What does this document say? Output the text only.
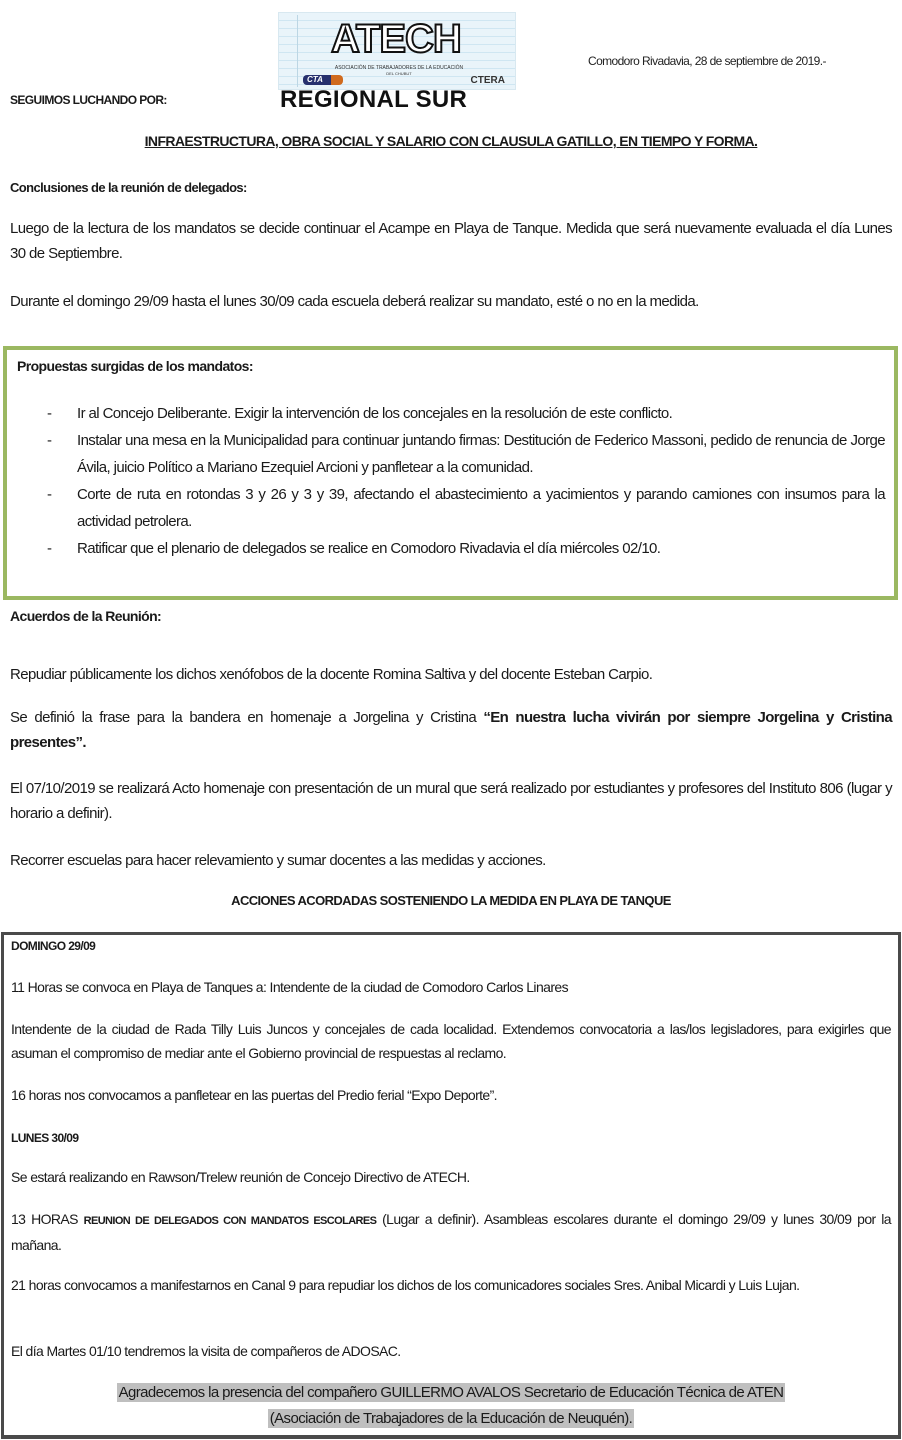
ATECH
ASOCIACIÓN DE TRABAJADORES DE LA EDUCACIÓN
DEL CHUBUT
CTA	CTERA
REGIONAL SUR
Comodoro Rivadavia, 28 de septiembre de 2019.-
SEGUIMOS LUCHANDO POR:
INFRAESTRUCTURA, OBRA SOCIAL Y SALARIO CON CLAUSULA GATILLO, EN TIEMPO Y FORMA.
Conclusiones de la reunión de delegados:
Luego de la lectura de los mandatos se decide continuar el Acampe en Playa de Tanque. Medida que será nuevamente evaluada el día Lunes 30 de Septiembre.
Durante el domingo 29/09 hasta el lunes 30/09 cada escuela deberá realizar su mandato, esté o no en la medida.
Propuestas surgidas de los mandatos:
- Ir al Concejo Deliberante. Exigir la intervención de los concejales en la resolución de este conflicto.
- Instalar una mesa en la Municipalidad para continuar juntando firmas: Destitución de Federico Massoni, pedido de renuncia de Jorge Ávila, juicio Político a Mariano Ezequiel Arcioni y panfletear a la comunidad.
- Corte de ruta en rotondas 3 y 26 y 3 y 39, afectando el abastecimiento a yacimientos y parando camiones con insumos para la actividad petrolera.
- Ratificar que el plenario de delegados se realice en Comodoro Rivadavia el día miércoles 02/10.
Acuerdos de la Reunión:
Repudiar públicamente los dichos xenófobos de la docente Romina Saltiva y del docente Esteban Carpio.
Se definió la frase para la bandera en homenaje a Jorgelina y Cristina “En nuestra lucha vivirán por siempre Jorgelina y Cristina presentes”.
El 07/10/2019 se realizará Acto homenaje con presentación de un mural que será realizado por estudiantes y profesores del Instituto 806 (lugar y horario a definir).
Recorrer escuelas para hacer relevamiento y sumar docentes a las medidas y acciones.
ACCIONES ACORDADAS SOSTENIENDO LA MEDIDA EN PLAYA DE TANQUE
DOMINGO 29/09
11 Horas se convoca en Playa de Tanques a: Intendente de la ciudad de Comodoro Carlos Linares
Intendente de la ciudad de Rada Tilly Luis Juncos y concejales de cada localidad. Extendemos convocatoria a las/los legisladores, para exigirles que asuman el compromiso de mediar ante el Gobierno provincial de respuestas al reclamo.
16 horas nos convocamos a panfletear en las puertas del Predio ferial “Expo Deporte”.
LUNES 30/09
Se estará realizando en Rawson/Trelew reunión de Concejo Directivo de ATECH.
13 HORAS REUNION DE DELEGADOS CON MANDATOS ESCOLARES (Lugar a definir). Asambleas escolares durante el domingo 29/09 y lunes 30/09 por la mañana.
21 horas convocamos a manifestarnos en Canal 9 para repudiar los dichos de los comunicadores sociales Sres. Anibal Micardi y Luis Lujan.
El día Martes 01/10 tendremos la visita de compañeros de ADOSAC.
Agradecemos la presencia del compañero GUILLERMO AVALOS Secretario de Educación Técnica de ATEN
(Asociación de Trabajadores de la Educación de Neuquén).
